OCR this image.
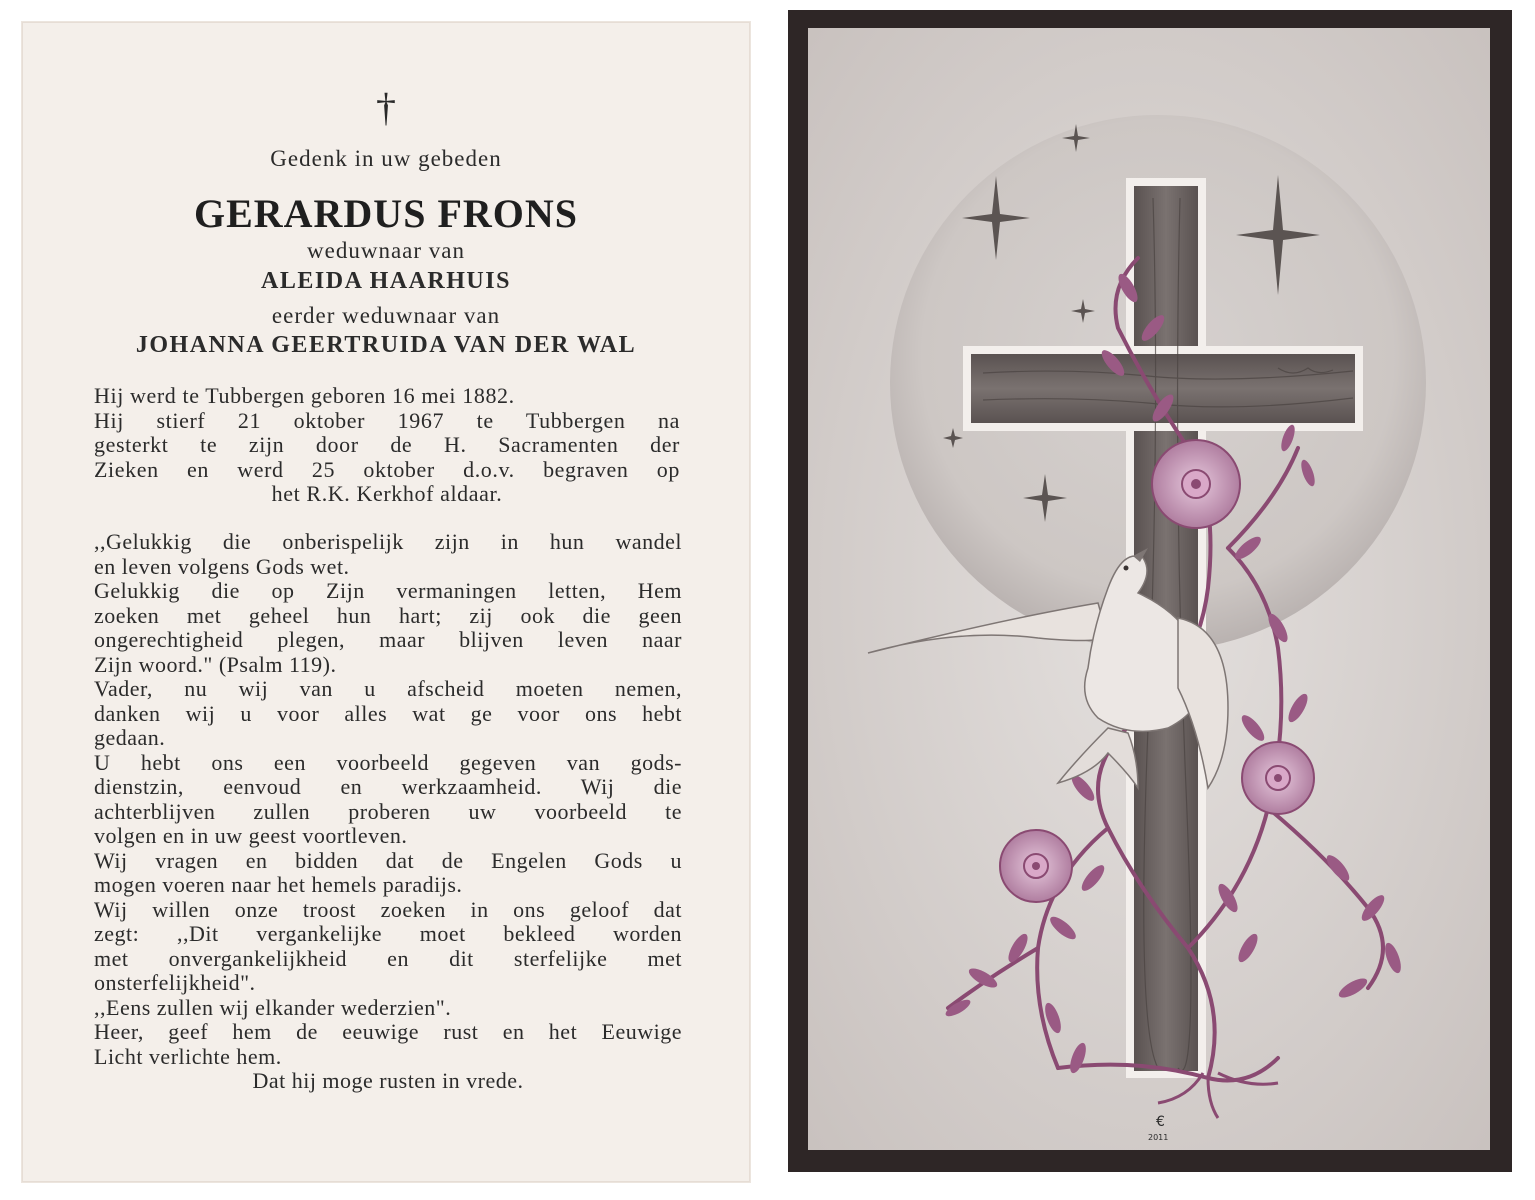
†
Gedenk in uw gebeden
GERARDUS FRONS
weduwnaar van
ALEIDA HAARHUIS
eerder weduwnaar van
JOHANNA GEERTRUIDA VAN DER WAL
Hij werd te Tubbergen geboren 16 mei 1882.
Hij stierf 21 oktober 1967 te Tubbergen na
gesterkt te zijn door de H. Sacramenten der
Zieken en werd 25 oktober d.o.v. begraven op
het R.K. Kerkhof aldaar.

,,Gelukkig die onberispelijk zijn in hun wandel

en leven volgens Gods wet.

Gelukkig die op Zijn vermaningen letten, Hem

zoeken met geheel hun hart; zij ook die geen

ongerechtigheid plegen, maar blijven leven naar

Zijn woord." (Psalm 119).

Vader, nu wij van u afscheid moeten nemen,

danken wij u voor alles wat ge voor ons hebt

gedaan.

U hebt ons een voorbeeld gegeven van gods-

dienstzin, eenvoud en werkzaamheid. Wij die

achterblijven zullen proberen uw voorbeeld te

volgen en in uw geest voortleven.

Wij vragen en bidden dat de Engelen Gods u

mogen voeren naar het hemels paradijs.

Wij willen onze troost zoeken in ons geloof dat

zegt: ,,Dit vergankelijke moet bekleed worden

met onvergankelijkheid en dit sterfelijke met

onsterfelijkheid".

,,Eens zullen wij elkander wederzien".

Heer, geef hem de eeuwige rust en het Eeuwige

Licht verlichte hem.

Dat hij moge rusten in vrede.

€
2011
